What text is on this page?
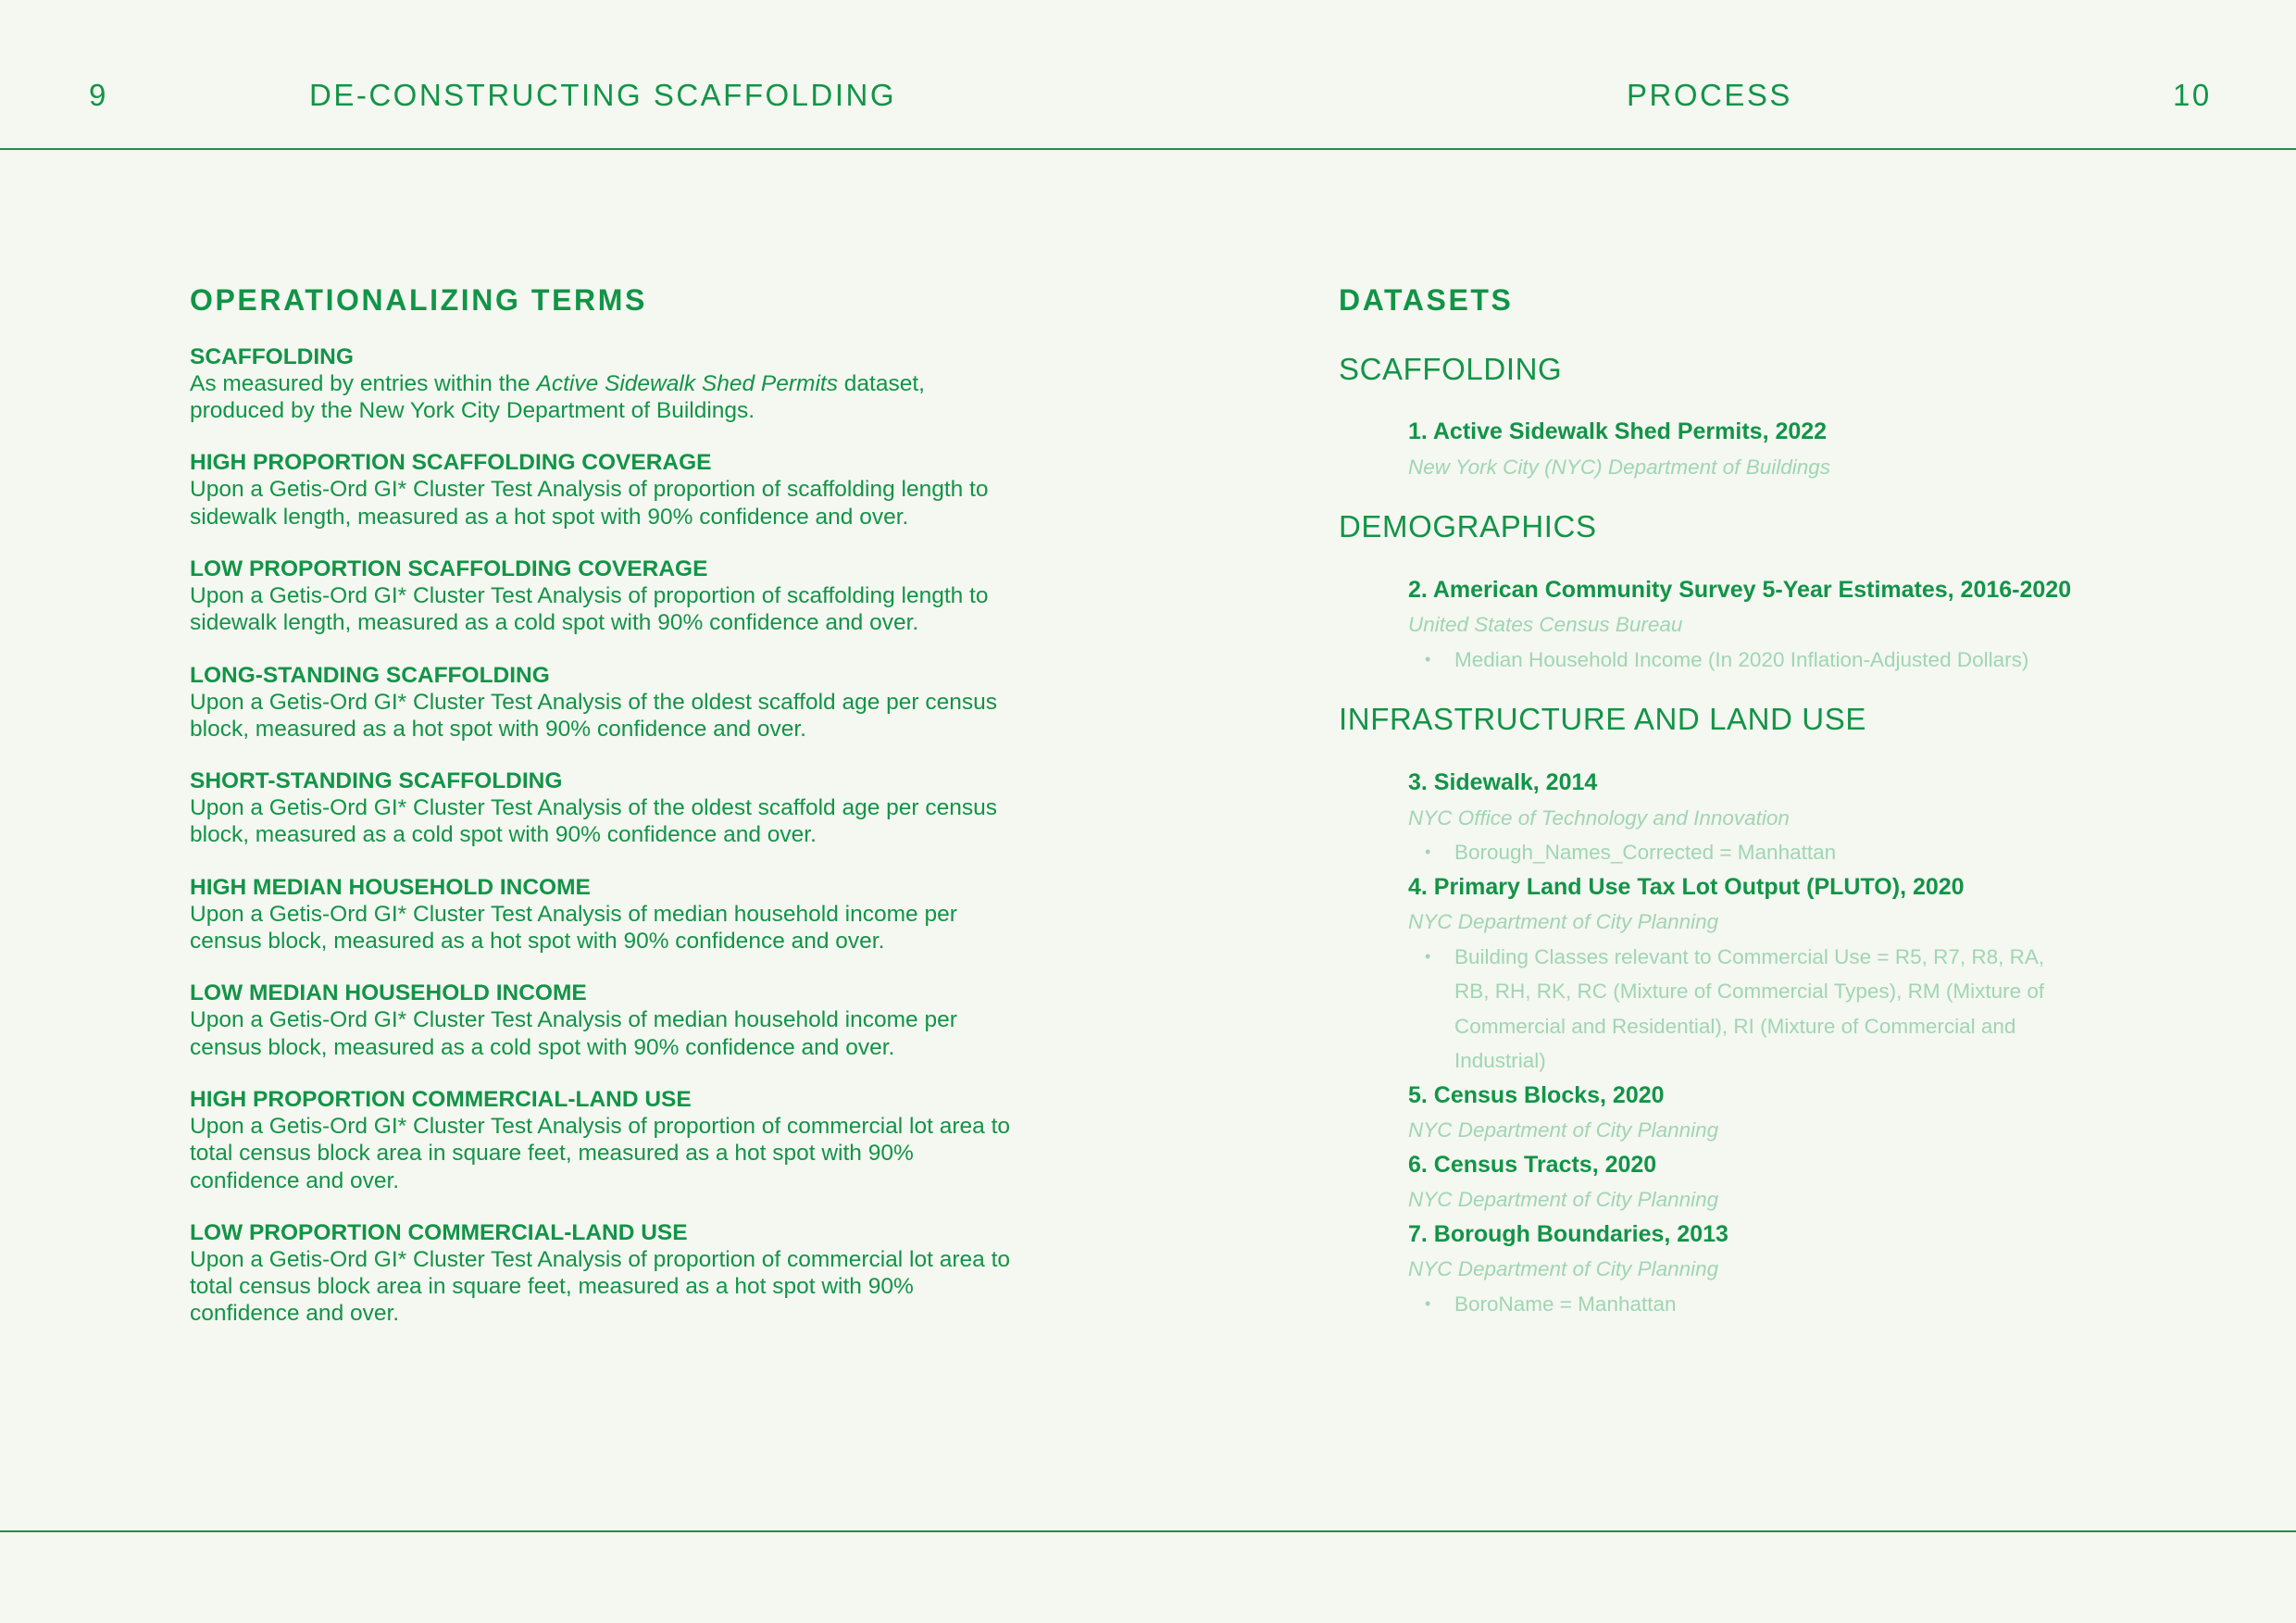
9	DE-CONSTRUCTING SCAFFOLDING	PROCESS	10
OPERATIONALIZING TERMS
SCAFFOLDING
As measured by entries within the Active Sidewalk Shed Permits dataset, produced by the New York City Department of Buildings.
HIGH PROPORTION SCAFFOLDING COVERAGE
Upon a Getis-Ord GI* Cluster Test Analysis of proportion of scaffolding length to sidewalk length, measured as a hot spot with 90% confidence and over.
LOW PROPORTION SCAFFOLDING COVERAGE
Upon a Getis-Ord GI* Cluster Test Analysis of proportion of scaffolding length to sidewalk length, measured as a cold spot with 90% confidence and over.
LONG-STANDING SCAFFOLDING
Upon a Getis-Ord GI* Cluster Test Analysis of the oldest scaffold age per census block, measured as a hot spot with 90% confidence and over.
SHORT-STANDING SCAFFOLDING
Upon a Getis-Ord GI* Cluster Test Analysis of the oldest scaffold age per census block, measured as a cold spot with 90% confidence and over.
HIGH MEDIAN HOUSEHOLD INCOME
Upon a Getis-Ord GI* Cluster Test Analysis of median household income per census block, measured as a hot spot with 90% confidence and over.
LOW MEDIAN HOUSEHOLD INCOME
Upon a Getis-Ord GI* Cluster Test Analysis of median household income per census block, measured as a cold spot with 90% confidence and over.
HIGH PROPORTION COMMERCIAL-LAND USE
Upon a Getis-Ord GI* Cluster Test Analysis of proportion of commercial lot area to total census block area in square feet, measured as a hot spot with 90% confidence and over.
LOW PROPORTION COMMERCIAL-LAND USE
Upon a Getis-Ord GI* Cluster Test Analysis of proportion of commercial lot area to total census block area in square feet, measured as a hot spot with 90% confidence and over.
DATASETS
SCAFFOLDING
1. Active Sidewalk Shed Permits, 2022
New York City (NYC) Department of Buildings
DEMOGRAPHICS
2. American Community Survey 5-Year Estimates, 2016-2020
United States Census Bureau
• Median Household Income (In 2020 Inflation-Adjusted Dollars)
INFRASTRUCTURE AND LAND USE
3. Sidewalk, 2014
NYC Office of Technology and Innovation
• Borough_Names_Corrected = Manhattan
4. Primary Land Use Tax Lot Output (PLUTO), 2020
NYC Department of City Planning
• Building Classes relevant to Commercial Use = R5, R7, R8, RA, RB, RH, RK, RC (Mixture of Commercial Types), RM (Mixture of Commercial and Residential), RI (Mixture of Commercial and Industrial)
5. Census Blocks, 2020
NYC Department of City Planning
6. Census Tracts, 2020
NYC Department of City Planning
7. Borough Boundaries, 2013
NYC Department of City Planning
• BoroName = Manhattan
